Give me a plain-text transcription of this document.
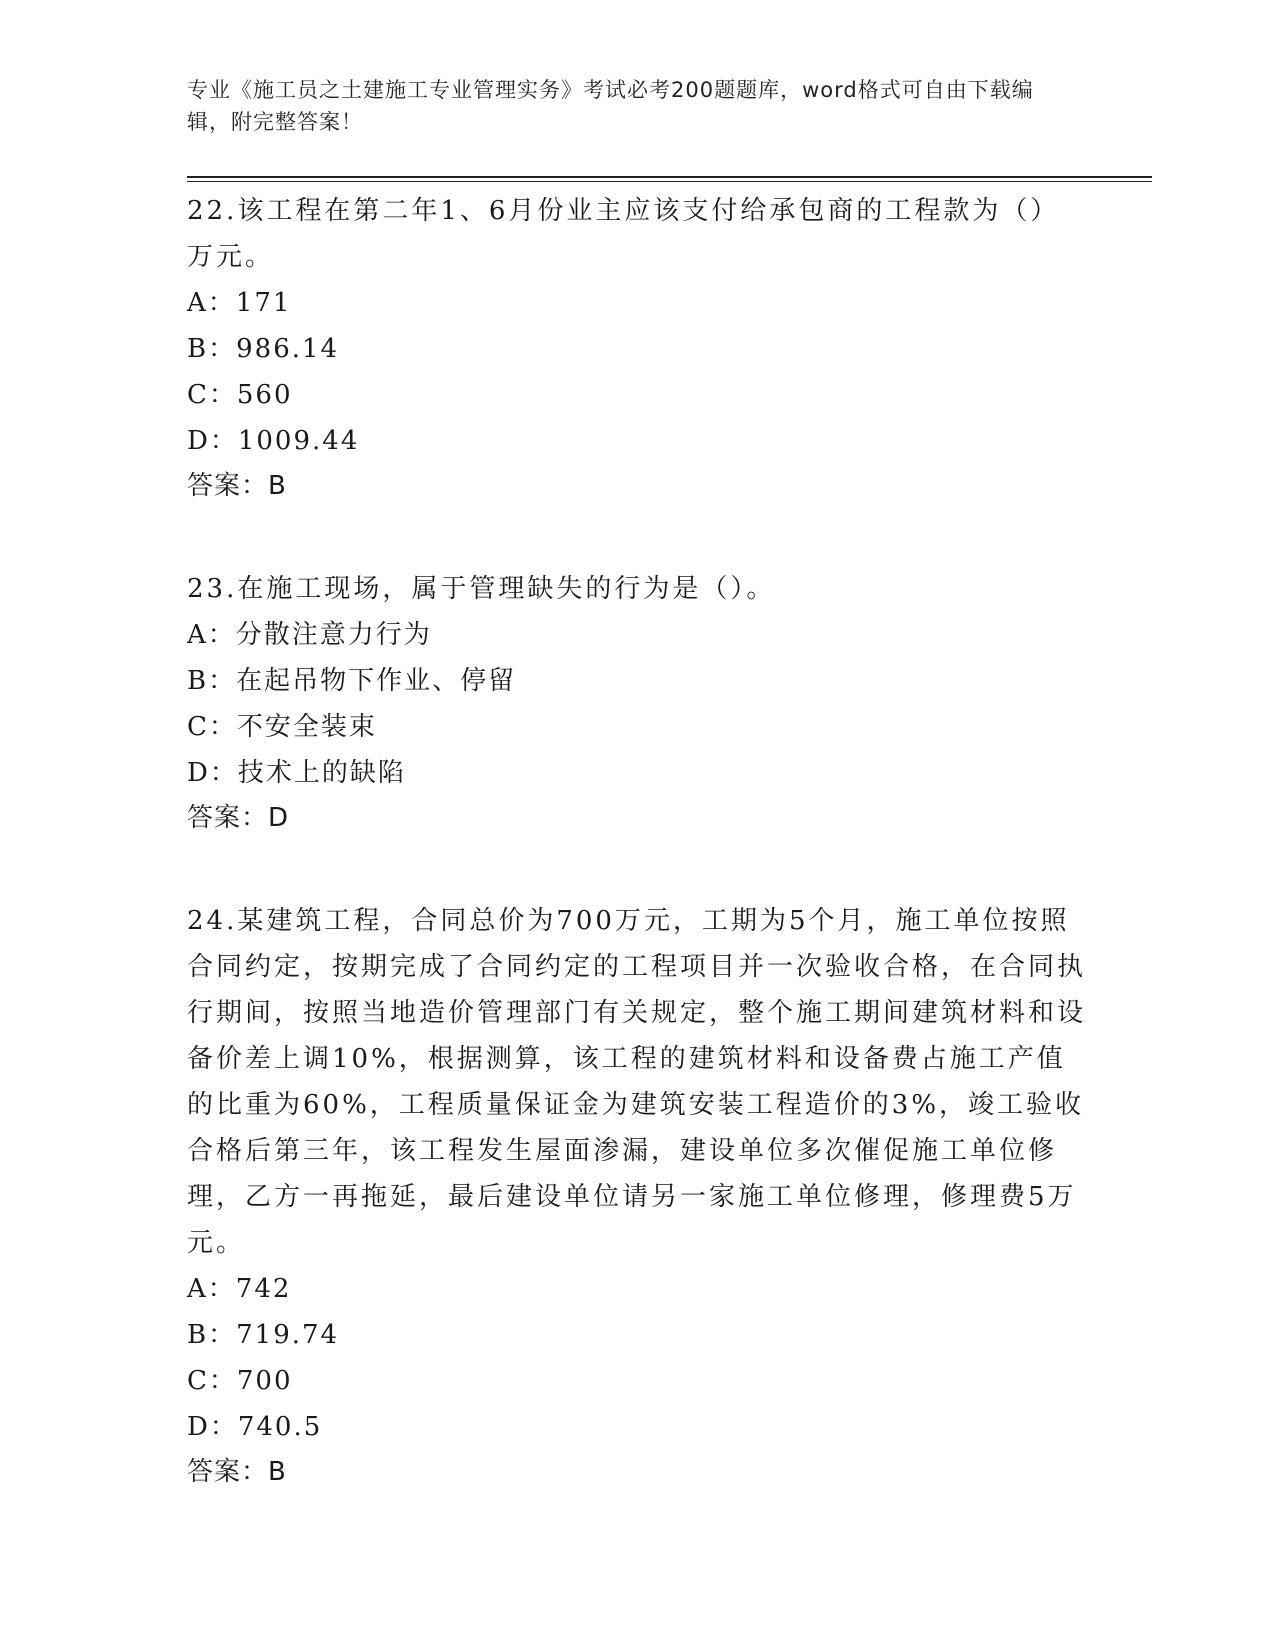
专业《施工员之土建施工专业管理实务》考试必考200题题库，word格式可自由下载编辑，附完整答案！

22.该工程在第二年1、6月份业主应该支付给承包商的工程款为（）万元。

A：171

B：986.14

C：560

D：1009.44

答案：B

23.在施工现场，属于管理缺失的行为是（）。

A：分散注意力行为

B：在起吊物下作业、停留

C：不安全装束

D：技术上的缺陷

答案：D

24.某建筑工程，合同总价为700万元，工期为5个月，施工单位按照合同约定，按期完成了合同约定的工程项目并一次验收合格，在合同执行期间，按照当地造价管理部门有关规定，整个施工期间建筑材料和设备价差上调10%，根据测算，该工程的建筑材料和设备费占施工产值的比重为60%，工程质量保证金为建筑安装工程造价的3%，竣工验收合格后第三年，该工程发生屋面渗漏，建设单位多次催促施工单位修理，乙方一再拖延，最后建设单位请另一家施工单位修理，修理费5万元。

A：742

B：719.74

C：700

D：740.5

答案：B
